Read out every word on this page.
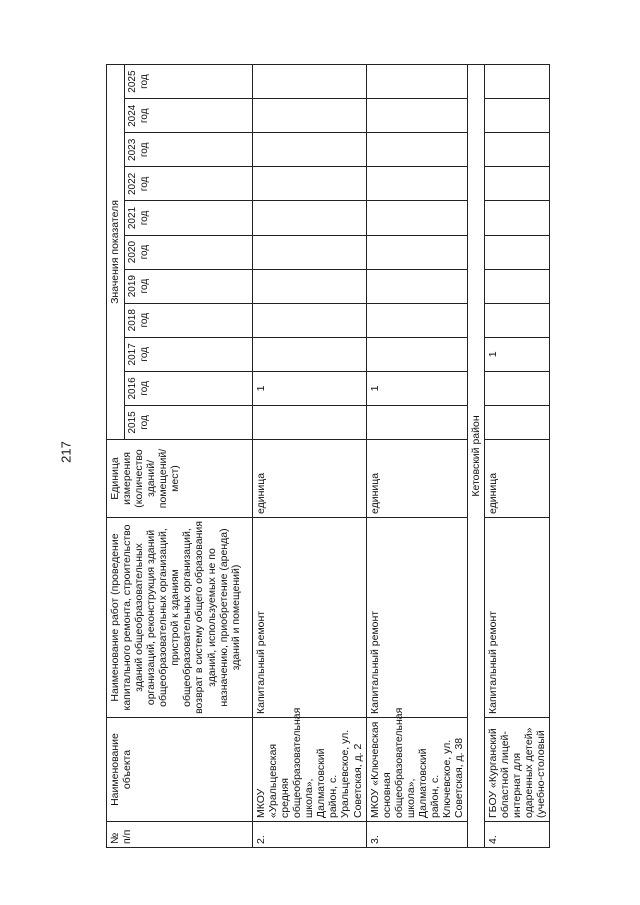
217
№ п/п	Наименование объекта	Наименование работ (проведение капитального ремонта, строительство зданий общеобразовательных организаций, реконструкция зданий общеобразовательных организаций, пристрой к зданиям общеобразовательных организаций, возврат в систему общего образования зданий, используемых не по назначению, приобретение (аренда) зданий и помещений)	Единица измерения (количество зданий/ помещений/ мест)	Значения показателя										
				2015 год	2016 год	2017 год	2018 год	2019 год	2020 год	2021 год	2022 год	2023 год	2024 год	2025 год
2.	МКОУ «Уральцевская средняя общеобразовательная школа», Далматовский район, с. Уральцевское, ул. Советская, д. 2	Капитальный ремонт	единица		1									
3.	МКОУ «Ключевская основная общеобразовательная школа», Далматовский район, с. Ключевское, ул. Советская, д. 38	Капитальный ремонт	единица		1									
Кетовский район														
4.	ГБОУ «Курганский областной лицей-интернат для одаренных детей» (учебно-столовый	Капитальный ремонт	единица			1								
